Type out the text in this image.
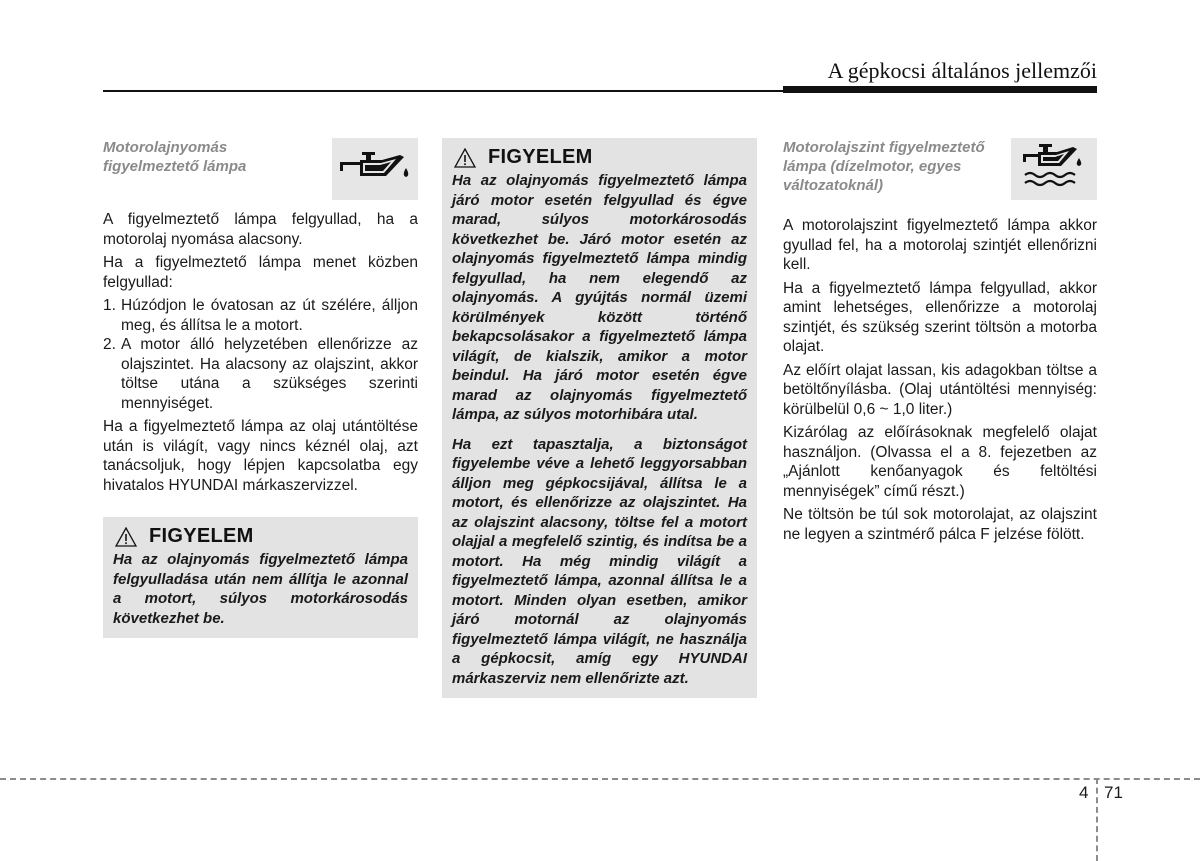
A gépkocsi általános jellemzői
Motorolajnyomás figyelmeztető lámpa

A figyelmeztető lámpa felgyullad, ha a motorolaj nyomása alacsony.

Ha a figyelmeztető lámpa menet közben felgyullad:

1. Húzódjon le óvatosan az út szélére, álljon meg, és állítsa le a motort.
2. A motor álló helyzetében ellenőrizze az olajszintet. Ha alacsony az olajszint, akkor töltse utána a szükséges szerinti mennyiséget.

Ha a figyelmeztető lámpa az olaj utántöltése után is világít, vagy nincs kéznél olaj, azt tanácsoljuk, hogy lépjen kapcsolatba egy hivatalos HYUNDAI márkaszervizzel.

FIGYELEM

Ha az olajnyomás figyelmeztető lámpa felgyulladása után nem állítja le azonnal a motort, súlyos motorkárosodás következhet be.

FIGYELEM

Ha az olajnyomás figyelmeztető lámpa járó motor esetén felgyullad és égve marad, súlyos motorkárosodás következhet be. Járó motor esetén az olajnyomás figyelmeztető lámpa mindig felgyullad, ha nem elegendő az olajnyomás. A gyújtás normál üzemi körülmények között történő bekapcsolásakor a figyelmeztető lámpa világít, de kialszik, amikor a motor beindul. Ha járó motor esetén égve marad az olajnyomás figyelmeztető lámpa, az súlyos motorhibára utal.

Ha ezt tapasztalja, a biztonságot figyelembe véve a lehető leggyorsabban álljon meg gépkocsijával, állítsa le a motort, és ellenőrizze az olajszintet. Ha az olajszint alacsony, töltse fel a motort olajjal a megfelelő szintig, és indítsa be a motort. Ha még mindig világít a figyelmeztető lámpa, azonnal állítsa le a motort. Minden olyan esetben, amikor járó motornál az olajnyomás figyelmeztető lámpa világít, ne használja a gépkocsit, amíg egy HYUNDAI márkaszerviz nem ellenőrizte azt.

Motorolajszint figyelmeztető lámpa (dízelmotor, egyes változatoknál)

A motorolajszint figyelmeztető lámpa akkor gyullad fel, ha a motorolaj szintjét ellenőrizni kell.

Ha a figyelmeztető lámpa felgyullad, akkor amint lehetséges, ellenőrizze a motorolaj szintjét, és szükség szerint töltsön a motorba olajat.

Az előírt olajat lassan, kis adagokban töltse a betöltőnyílásba. (Olaj utántöltési mennyiség: körülbelül 0,6 ~ 1,0 liter.)

Kizárólag az előírásoknak megfelelő olajat használjon. (Olvassa el a 8. fejezetben az „Ajánlott kenőanyagok és feltöltési mennyiségek” című részt.)

Ne töltsön be túl sok motorolajat, az olajszint ne legyen a szintmérő pálca F jelzése fölött.

4 71
